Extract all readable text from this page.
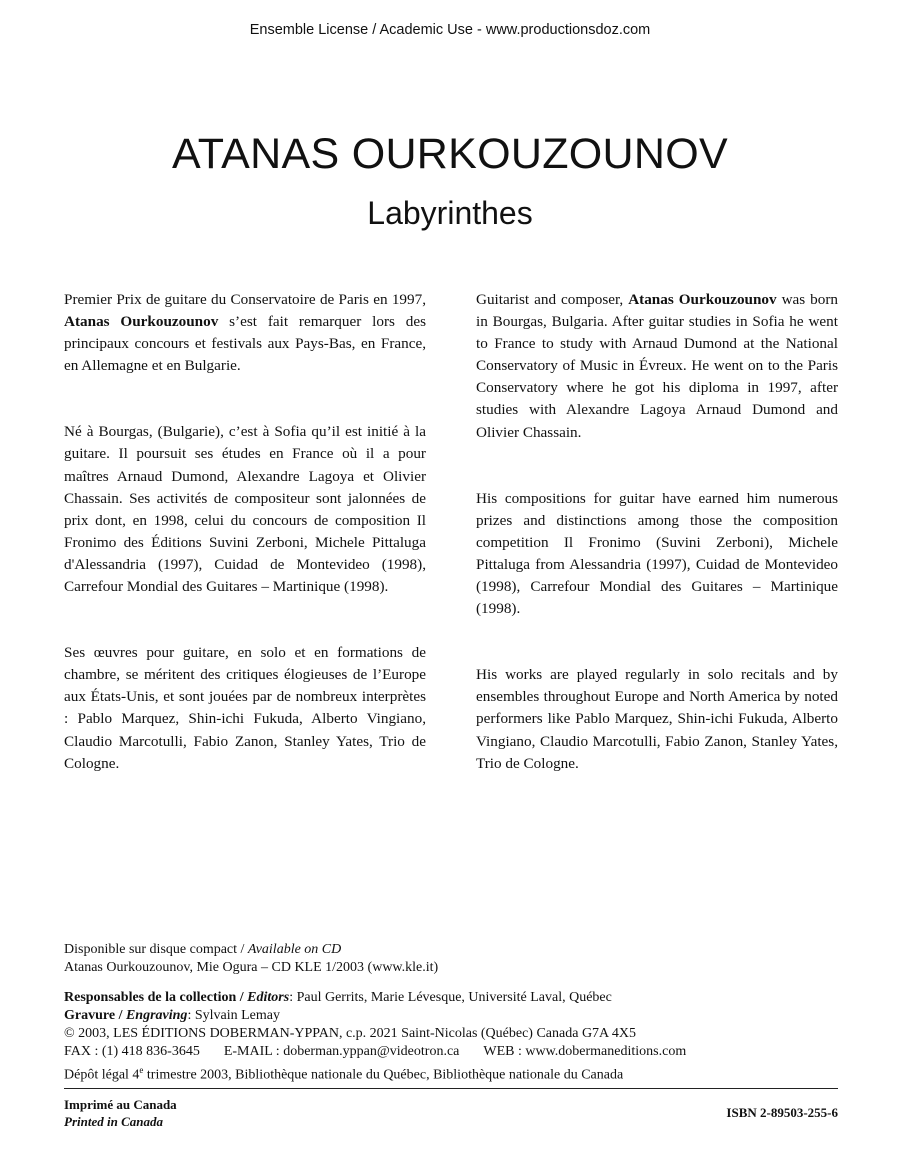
Ensemble License / Academic Use - www.productionsdoz.com
ATANAS OURKOUZOUNOV
Labyrinthes

Premier Prix de guitare du Conservatoire de Paris en 1997, Atanas Ourkouzounov s’est fait remarquer lors des principaux concours et festivals aux Pays-Bas, en France, en Allemagne et en Bulgarie.

Né à Bourgas, (Bulgarie), c’est à Sofia qu’il est initié à la guitare. Il poursuit ses études en France où il a pour maîtres Arnaud Dumond, Alexandre Lagoya et Olivier Chassain. Ses activités de compositeur sont jalonnées de prix dont, en 1998, celui du concours de composition Il Fronimo des Éditions Suvini Zerboni, Michele Pittaluga d'Alessandria (1997), Cuidad de Montevideo (1998), Carrefour Mondial des Guitares – Martinique (1998).

Ses œuvres pour guitare, en solo et en formations de chambre, se méritent des critiques élogieuses de l’Europe aux États-Unis, et sont jouées par de nombreux interprètes : Pablo Marquez, Shin-ichi Fukuda, Alberto Vingiano, Claudio Marcotulli, Fabio Zanon, Stanley Yates, Trio de Cologne.

Guitarist and composer, Atanas Ourkouzounov was born in Bourgas, Bulgaria. After guitar studies in Sofia he went to France to study with Arnaud Dumond at the National Conservatory of Music in Évreux. He went on to the Paris Conservatory where he got his diploma in 1997, after studies with Alexandre Lagoya Arnaud Dumond and Olivier Chassain.

His compositions for guitar have earned him numerous prizes and distinctions among those the composition competition Il Fronimo (Suvini Zerboni), Michele Pittaluga from Alessandria (1997), Cuidad de Montevideo (1998), Carrefour Mondial des Guitares – Martinique (1998).

His works are played regularly in solo recitals and by ensembles throughout Europe and North America by noted performers like Pablo Marquez, Shin-ichi Fukuda, Alberto Vingiano, Claudio Marcotulli, Fabio Zanon, Stanley Yates, Trio de Cologne.

Disponible sur disque compact / Available on CD
Atanas Ourkouzounov, Mie Ogura – CD KLE 1/2003 (www.kle.it)
Responsables de la collection / Editors: Paul Gerrits, Marie Lévesque, Université Laval, Québec
Gravure / Engraving: Sylvain Lemay
© 2003, LES ÉDITIONS DOBERMAN-YPPAN, c.p. 2021 Saint-Nicolas (Québec) Canada G7A 4X5
FAX : (1) 418 836-3645 E-MAIL : doberman.yppan@videotron.ca WEB : www.dobermaneditions.com
Dépôt légal 4e trimestre 2003, Bibliothèque nationale du Québec, Bibliothèque nationale du Canada
Imprimé au Canada
Printed in Canada
ISBN 2-89503-255-6
